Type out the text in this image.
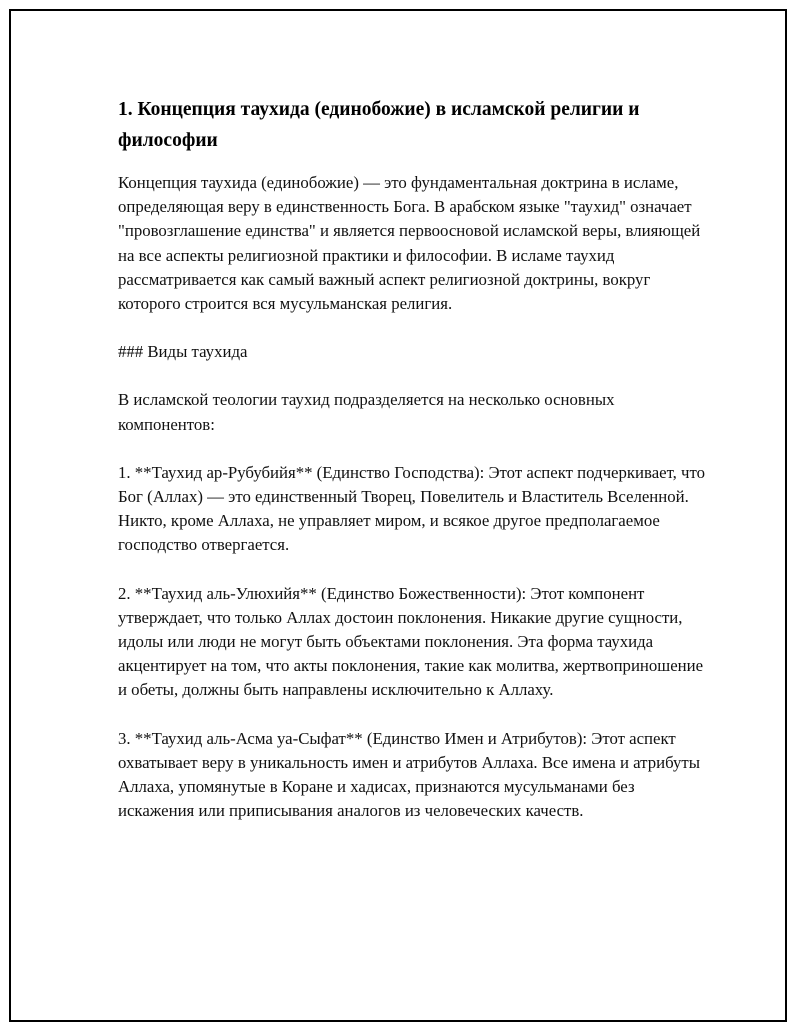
1. Концепция таухида (единобожие) в исламской религии и философии

Концепция таухида (единобожие) — это фундаментальная доктрина в исламе, определяющая веру в единственность Бога. В арабском языке "таухид" означает "провозглашение единства" и является первоосновой исламской веры, влияющей на все аспекты религиозной практики и философии. В исламе таухид рассматривается как самый важный аспект религиозной доктрины, вокруг которого строится вся мусульманская религия.

### Виды таухида

В исламской теологии таухид подразделяется на несколько основных компонентов:

1. **Таухид ар-Рубубийя** (Единство Господства): Этот аспект подчеркивает, что Бог (Аллах) — это единственный Творец, Повелитель и Властитель Вселенной. Никто, кроме Аллаха, не управляет миром, и всякое другое предполагаемое господство отвергается.

2. **Таухид аль-Улюхийя** (Единство Божественности): Этот компонент утверждает, что только Аллах достоин поклонения. Никакие другие сущности, идолы или люди не могут быть объектами поклонения. Эта форма таухида акцентирует на том, что акты поклонения, такие как молитва, жертвоприношение и обеты, должны быть направлены исключительно к Аллаху.

3. **Таухид аль-Асма уа-Сыфат** (Единство Имен и Атрибутов): Этот аспект охватывает веру в уникальность имен и атрибутов Аллаха. Все имена и атрибуты Аллаха, упомянутые в Коране и хадисах, признаются мусульманами без искажения или приписывания аналогов из человеческих качеств.
